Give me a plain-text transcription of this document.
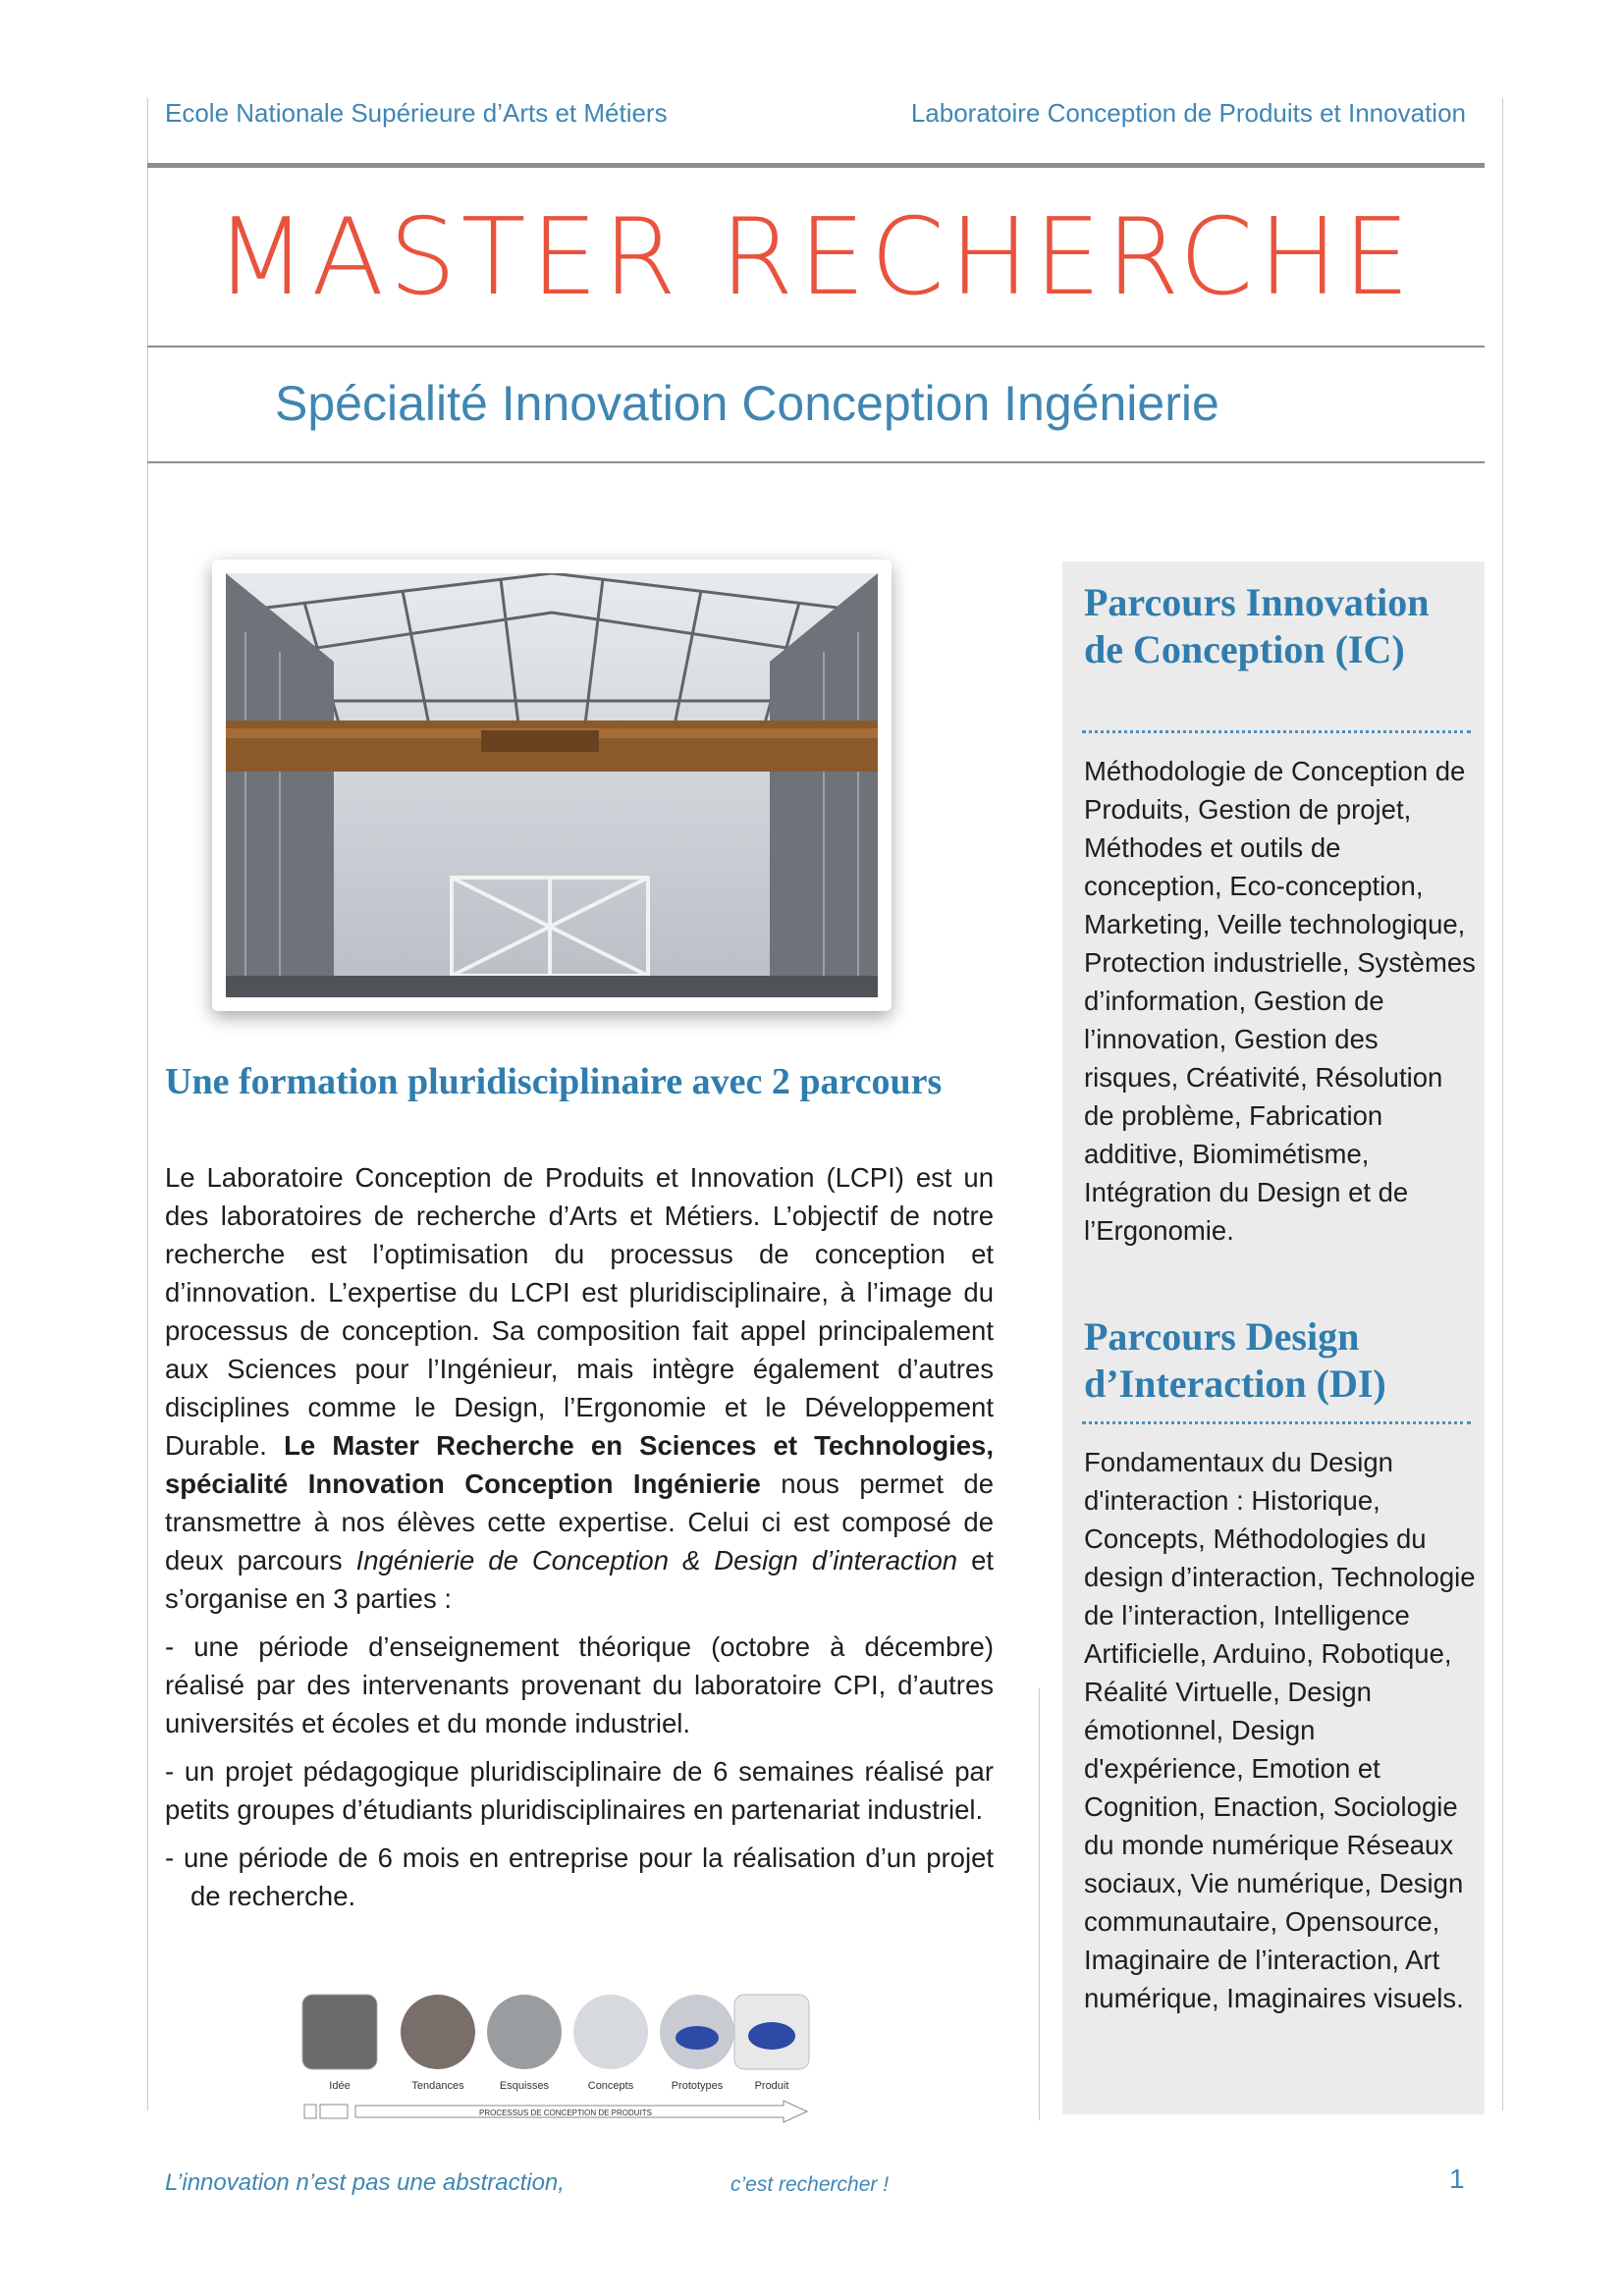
Ecole Nationale Supérieure d’Arts et Métiers	Laboratoire Conception de Produits et Innovation
MASTER RECHERCHE
Spécialité Innovation Conception Ingénierie
Une formation pluridisciplinaire avec 2 parcours

Le Laboratoire Conception de Produits et Innovation (LCPI) est un des laboratoires de recherche d’Arts et Métiers. L’objectif de notre recherche est l’optimisation du processus de conception et d’innovation. L’expertise du LCPI est pluridisciplinaire, à l’image du processus de conception. Sa composition fait appel principalement aux Sciences pour l’Ingénieur, mais intègre également d’autres disciplines comme le Design, l’Ergonomie et le Développement Durable. Le Master Recherche en Sciences et Technologies, spécialité Innovation Conception Ingénierie nous permet de transmettre à nos élèves cette expertise. Celui ci est composé de deux parcours Ingénierie de Conception & Design d’interaction et s’organise en 3 parties :

- une période d’enseignement théorique (octobre à décembre) réalisé par des intervenants provenant du laboratoire CPI, d’autres universités et écoles et du monde industriel.

- un projet pédagogique pluridisciplinaire de 6 semaines réalisé par petits groupes d’étudiants pluridisciplinaires en partenariat industriel.

- une période de 6 mois en entreprise pour la réalisation d’un projet de recherche.

Idée	Tendances	Esquisses	Concepts	Prototypes	Produit
PROCESSUS DE CONCEPTION DE PRODUITS
Parcours Innovation de Conception (IC)
Méthodologie de Conception de Produits, Gestion de projet, Méthodes et outils de conception, Eco-conception, Marketing, Veille technologique, Protection industrielle, Systèmes d’information, Gestion de l’innovation, Gestion des risques, Créativité, Résolution de problème, Fabrication additive, Biomimétisme, Intégration du Design et de l’Ergonomie.
Parcours Design d’Interaction (DI)
Fondamentaux du Design d'interaction : Historique, Concepts, Méthodologies du design d’interaction, Technologie de l’interaction, Intelligence Artificielle, Arduino, Robotique, Réalité Virtuelle, Design émotionnel, Design d'expérience, Emotion et Cognition, Enaction, Sociologie du monde numérique Réseaux sociaux, Vie numérique, Design communautaire, Opensource, Imaginaire de l’interaction, Art numérique, Imaginaires visuels.
L’innovation n’est pas une abstraction,	c’est rechercher !	1
